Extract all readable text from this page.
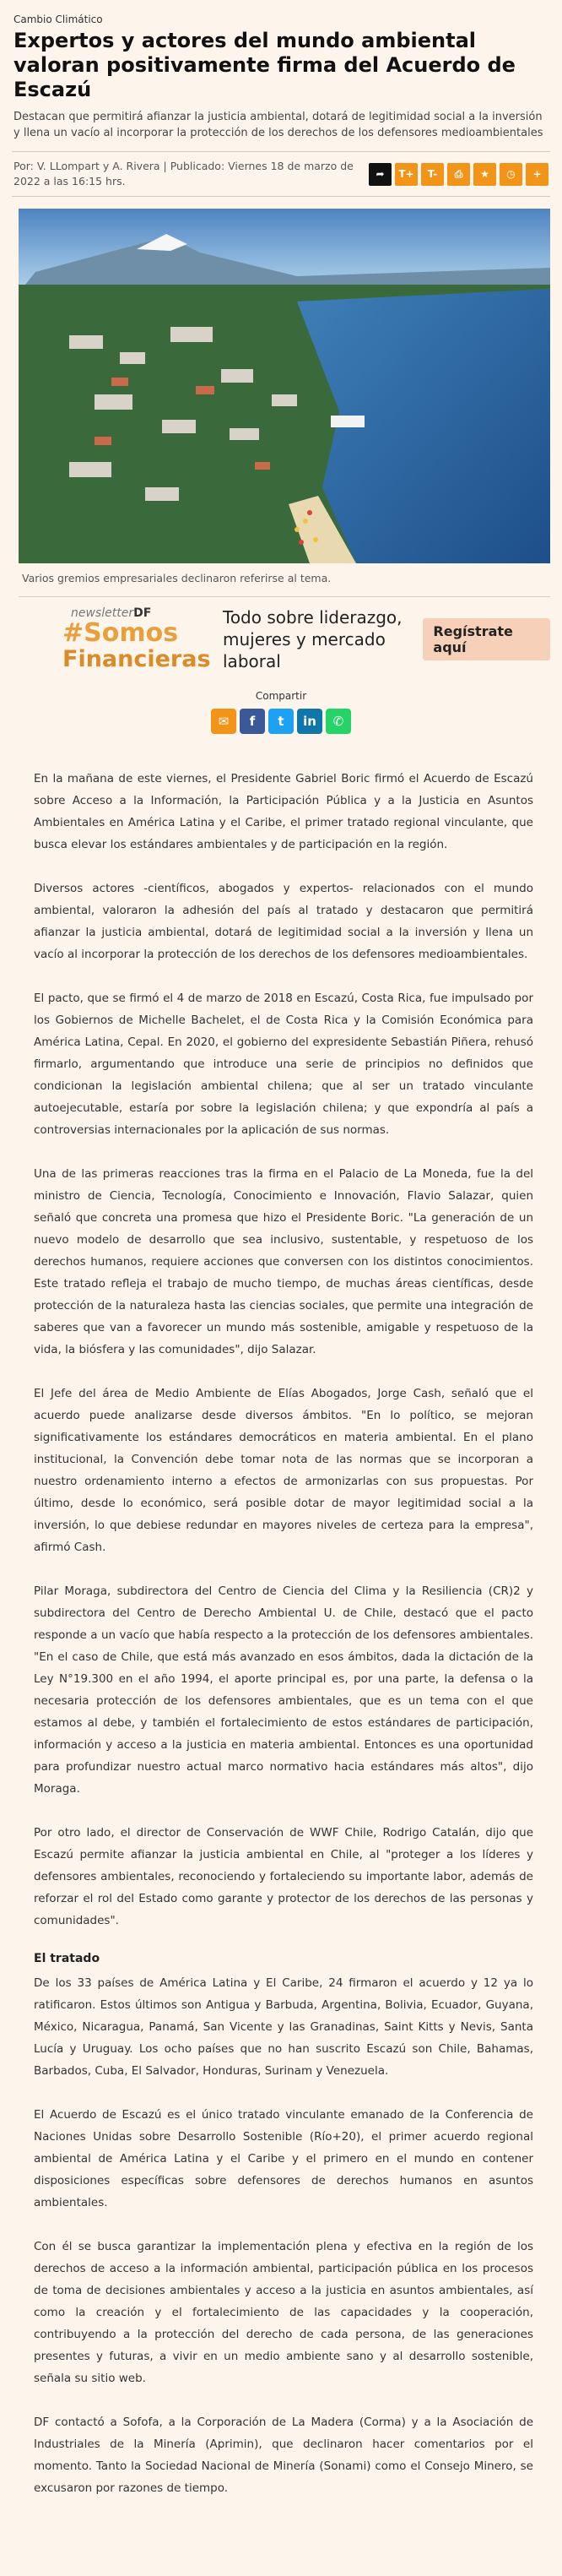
Cambio Climático
Expertos y actores del mundo ambiental valoran positivamente firma del Acuerdo de Escazú
Destacan que permitirá afianzar la justicia ambiental, dotará de legitimidad social a la inversión y llena un vacío al incorporar la protección de los derechos de los defensores medioambientales
Por: V. LLompart y A. Rivera | Publicado: Viernes 18 de marzo de 2022 a las 16:15 hrs.
➦	T+	T-	⎙	★	◷	+
Varios gremios empresariales declinaron referirse al tema.
newsletterDF
#Somos
Financieras
Todo sobre liderazgo, mujeres y mercado laboral
Regístrate aquí
Compartir
✉	f	t	in	✆

En la mañana de este viernes, el Presidente Gabriel Boric firmó el Acuerdo de Escazú sobre Acceso a la Información, la Participación Pública y a la Justicia en Asuntos Ambientales en América Latina y el Caribe, el primer tratado regional vinculante, que busca elevar los estándares ambientales y de participación en la región.

Diversos actores -científicos, abogados y expertos- relacionados con el mundo ambiental, valoraron la adhesión del país al tratado y destacaron que permitirá afianzar la justicia ambiental, dotará de legitimidad social a la inversión y llena un vacío al incorporar la protección de los derechos de los defensores medioambientales.

El pacto, que se firmó el 4 de marzo de 2018 en Escazú, Costa Rica, fue impulsado por los Gobiernos de Michelle Bachelet, el de Costa Rica y la Comisión Económica para América Latina, Cepal. En 2020, el gobierno del expresidente Sebastián Piñera, rehusó firmarlo, argumentando que introduce una serie de principios no definidos que condicionan la legislación ambiental chilena; que al ser un tratado vinculante autoejecutable, estaría por sobre la legislación chilena; y que expondría al país a controversias internacionales por la aplicación de sus normas.

Una de las primeras reacciones tras la firma en el Palacio de La Moneda, fue la del ministro de Ciencia, Tecnología, Conocimiento e Innovación, Flavio Salazar, quien señaló que concreta una promesa que hizo el Presidente Boric. "La generación de un nuevo modelo de desarrollo que sea inclusivo, sustentable, y respetuoso de los derechos humanos, requiere acciones que conversen con los distintos conocimientos. Este tratado refleja el trabajo de mucho tiempo, de muchas áreas científicas, desde protección de la naturaleza hasta las ciencias sociales, que permite una integración de saberes que van a favorecer un mundo más sostenible, amigable y respetuoso de la vida, la biósfera y las comunidades", dijo Salazar.

El Jefe del área de Medio Ambiente de Elías Abogados, Jorge Cash, señaló que el acuerdo puede analizarse desde diversos ámbitos. "En lo político, se mejoran significativamente los estándares democráticos en materia ambiental. En el plano institucional, la Convención debe tomar nota de las normas que se incorporan a nuestro ordenamiento interno a efectos de armonizarlas con sus propuestas. Por último, desde lo económico, será posible dotar de mayor legitimidad social a la inversión, lo que debiese redundar en mayores niveles de certeza para la empresa", afirmó Cash.

Pilar Moraga, subdirectora del Centro de Ciencia del Clima y la Resiliencia (CR)2 y subdirectora del Centro de Derecho Ambiental U. de Chile, destacó que el pacto responde a un vacío que había respecto a la protección de los defensores ambientales. "En el caso de Chile, que está más avanzado en esos ámbitos, dada la dictación de la Ley N°19.300 en el año 1994, el aporte principal es, por una parte, la defensa o la necesaria protección de los defensores ambientales, que es un tema con el que estamos al debe, y también el fortalecimiento de estos estándares de participación, información y acceso a la justicia en materia ambiental. Entonces es una oportunidad para profundizar nuestro actual marco normativo hacia estándares más altos", dijo Moraga.

Por otro lado, el director de Conservación de WWF Chile, Rodrigo Catalán, dijo que Escazú permite afianzar la justicia ambiental en Chile, al "proteger a los líderes y defensores ambientales, reconociendo y fortaleciendo su importante labor, además de reforzar el rol del Estado como garante y protector de los derechos de las personas y comunidades".

El tratado

De los 33 países de América Latina y El Caribe, 24 firmaron el acuerdo y 12 ya lo ratificaron. Estos últimos son Antigua y Barbuda, Argentina, Bolivia, Ecuador, Guyana, México, Nicaragua, Panamá, San Vicente y las Granadinas, Saint Kitts y Nevis, Santa Lucía y Uruguay. Los ocho países que no han suscrito Escazú son Chile, Bahamas, Barbados, Cuba, El Salvador, Honduras, Surinam y Venezuela.

El Acuerdo de Escazú es el único tratado vinculante emanado de la Conferencia de Naciones Unidas sobre Desarrollo Sostenible (Río+20), el primer acuerdo regional ambiental de América Latina y el Caribe y el primero en el mundo en contener disposiciones específicas sobre defensores de derechos humanos en asuntos ambientales.

Con él se busca garantizar la implementación plena y efectiva en la región de los derechos de acceso a la información ambiental, participación pública en los procesos de toma de decisiones ambientales y acceso a la justicia en asuntos ambientales, así como la creación y el fortalecimiento de las capacidades y la cooperación, contribuyendo a la protección del derecho de cada persona, de las generaciones presentes y futuras, a vivir en un medio ambiente sano y al desarrollo sostenible, señala su sitio web.

DF contactó a Sofofa, a la Corporación de La Madera (Corma) y a la Asociación de Industriales de la Minería (Aprimin), que declinaron hacer comentarios por el momento. Tanto la Sociedad Nacional de Minería (Sonami) como el Consejo Minero, se excusaron por razones de tiempo.
